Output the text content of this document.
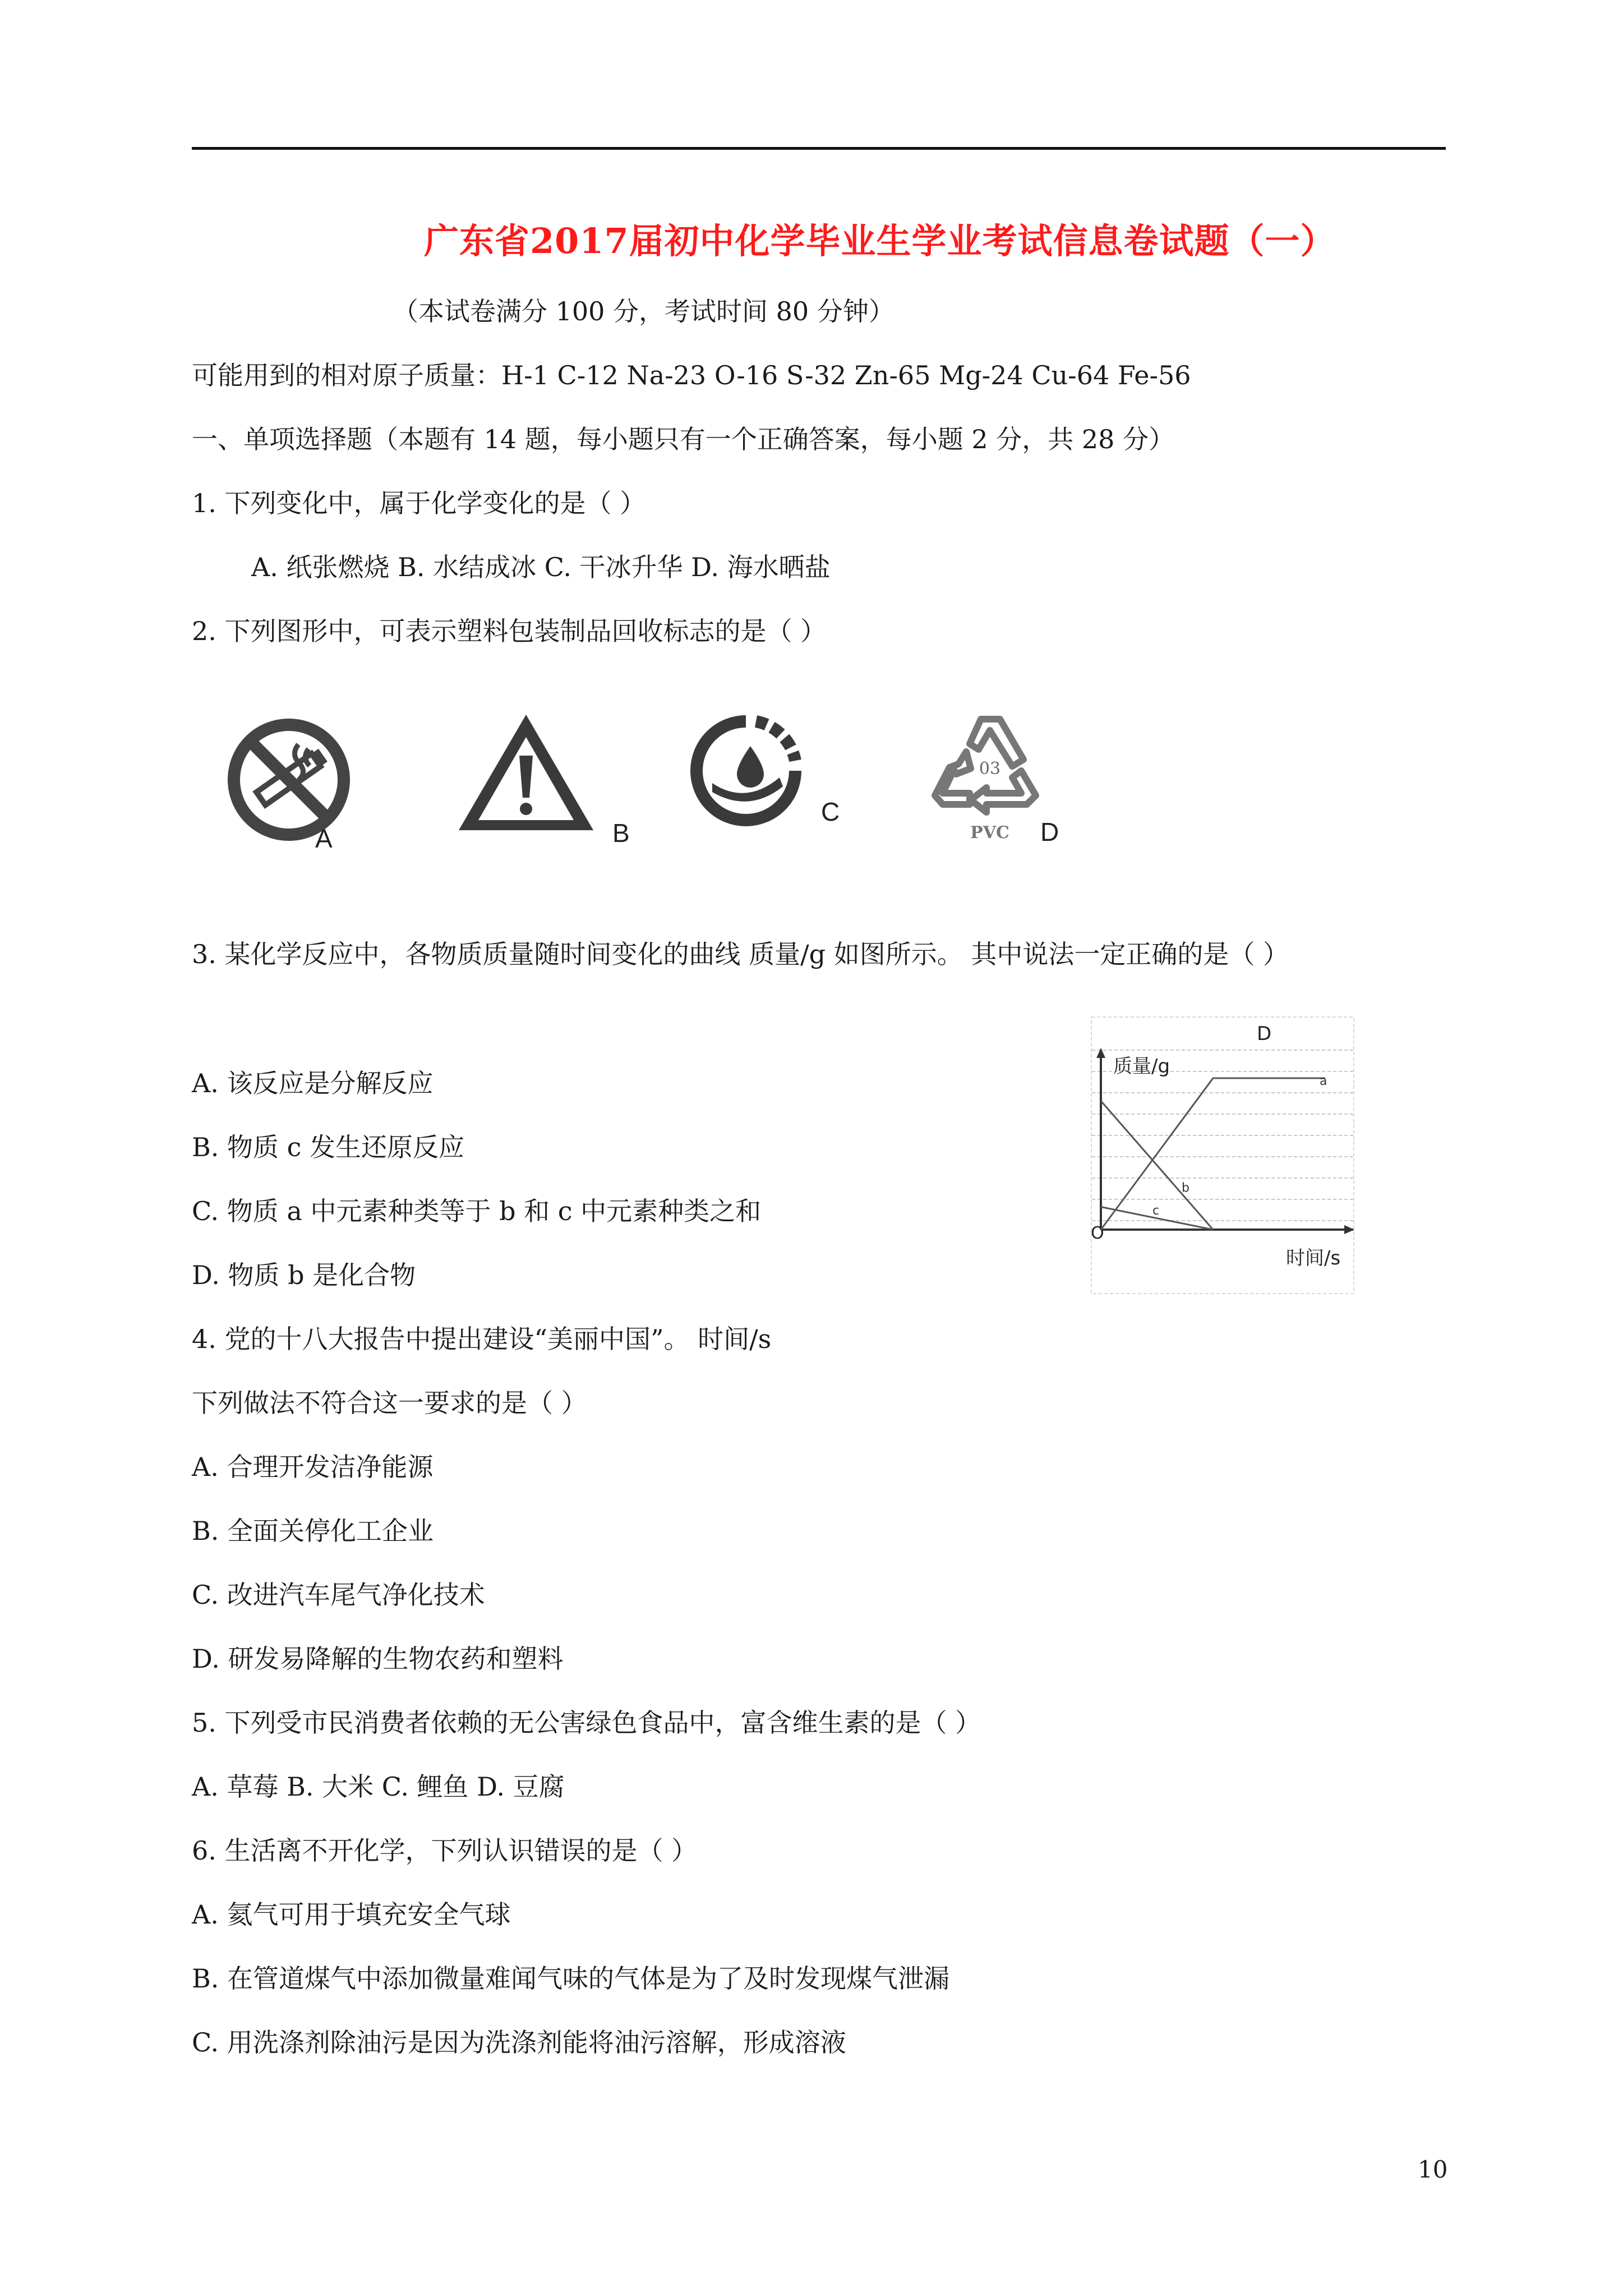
广东省2017届初中化学毕业生学业考试信息卷试题（一）
（本试卷满分 100 分，考试时间 80 分钟）
可能用到的相对原子质量：H-1 C-12 Na-23 O-16 S-32 Zn-65 Mg-24 Cu-64 Fe-56
一、单项选择题（本题有 14 题，每小题只有一个正确答案，每小题 2 分，共 28 分）
1. 下列变化中，属于化学变化的是（ ）
A. 纸张燃烧 B. 水结成冰 C. 干冰升华 D. 海水晒盐
2. 下列图形中，可表示塑料包装制品回收标志的是（ ）
A	B
C
03
PVC D
3. 某化学反应中，各物质质量随时间变化的曲线 质量/g 如图所示。 其中说法一定正确的是（ ）
A. 该反应是分解反应
B. 物质 c 发生还原反应
C. 物质 a 中元素种类等于 b 和 c 中元素种类之和
D. 物质 b 是化合物
D
质量/g
时间/s
O
a
b
c
4. 党的十八大报告中提出建设“美丽中国”。 时间/s
下列做法不符合这一要求的是（ ）
A. 合理开发洁净能源
B. 全面关停化工企业
C. 改进汽车尾气净化技术
D. 研发易降解的生物农药和塑料
5. 下列受市民消费者依赖的无公害绿色食品中，富含维生素的是（ ）
A. 草莓 B. 大米 C. 鲤鱼 D. 豆腐
6. 生活离不开化学，下列认识错误的是（ ）
A. 氦气可用于填充安全气球
B. 在管道煤气中添加微量难闻气味的气体是为了及时发现煤气泄漏
C. 用洗涤剂除油污是因为洗涤剂能将油污溶解，形成溶液
10
